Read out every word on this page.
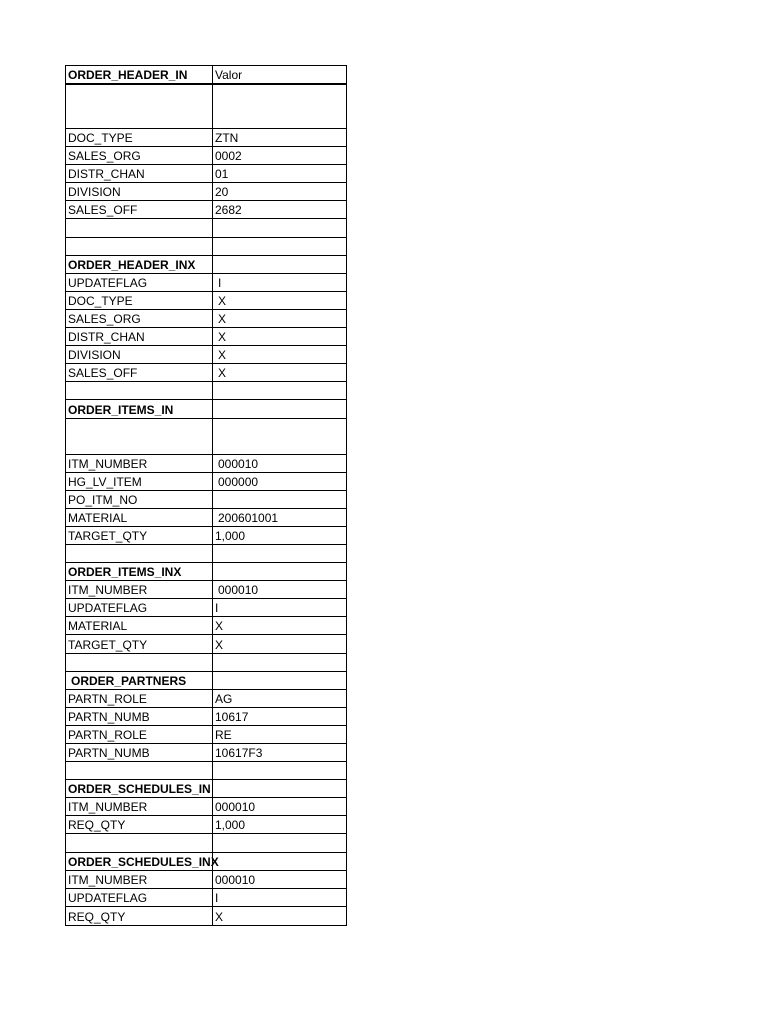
ORDER_HEADER_IN	Valor
DOC_TYPE	ZTN
SALES_ORG	0002
DISTR_CHAN	01
DIVISION	20
SALES_OFF	2682
ORDER_HEADER_INX
UPDATEFLAG	I
DOC_TYPE	X
SALES_ORG	X
DISTR_CHAN	X
DIVISION	X
SALES_OFF	X
ORDER_ITEMS_IN
ITM_NUMBER	000010
HG_LV_ITEM	000000
PO_ITM_NO
MATERIAL	200601001
TARGET_QTY	1,000
ORDER_ITEMS_INX
ITM_NUMBER	000010
UPDATEFLAG	I
MATERIAL	X
TARGET_QTY	X
ORDER_PARTNERS
PARTN_ROLE	AG
PARTN_NUMB	10617
PARTN_ROLE	RE
PARTN_NUMB	10617F3
ORDER_SCHEDULES_IN
ITM_NUMBER	000010
REQ_QTY	1,000
ORDER_SCHEDULES_INX
ITM_NUMBER	000010
UPDATEFLAG	I
REQ_QTY	X
